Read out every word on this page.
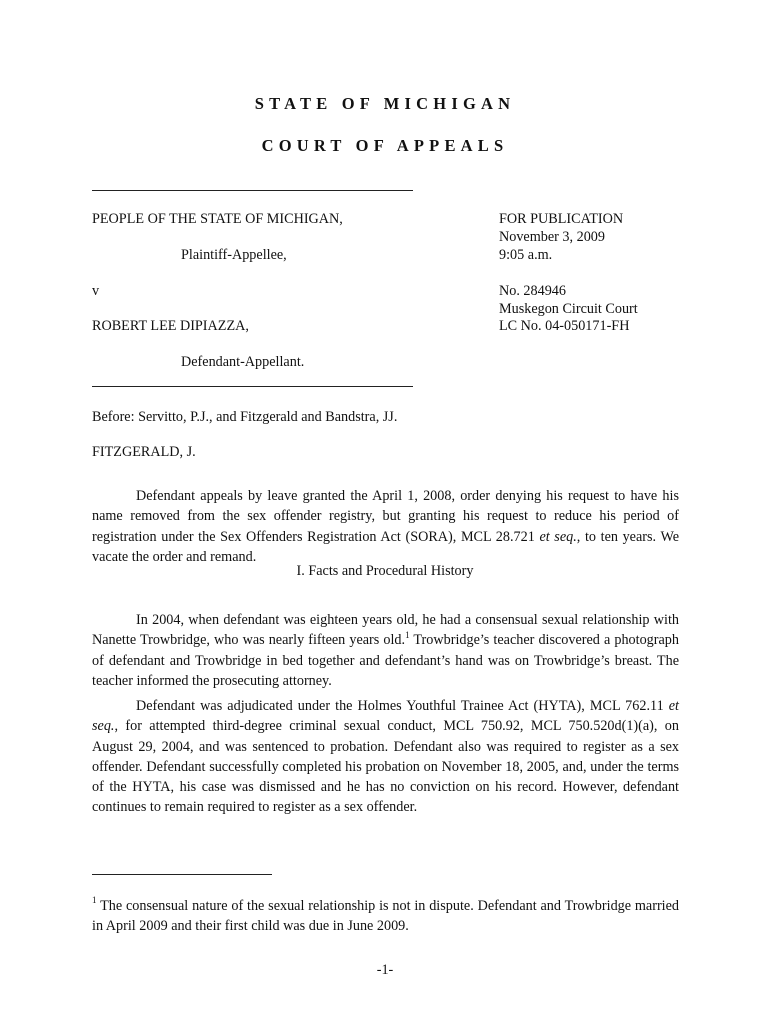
STATE OF MICHIGAN
COURT OF APPEALS
PEOPLE OF THE STATE OF MICHIGAN,
Plaintiff-Appellee,
v
ROBERT LEE DIPIAZZA,
Defendant-Appellant.
FOR PUBLICATION
November 3, 2009
9:05 a.m.
No. 284946
Muskegon Circuit Court
LC No. 04-050171-FH
Before: Servitto, P.J., and Fitzgerald and Bandstra, JJ.
FITZGERALD, J.

Defendant appeals by leave granted the April 1, 2008, order denying his request to have his name removed from the sex offender registry, but granting his request to reduce his period of registration under the Sex Offenders Registration Act (SORA), MCL 28.721 et seq., to ten years. We vacate the order and remand.

I. Facts and Procedural History

In 2004, when defendant was eighteen years old, he had a consensual sexual relationship with Nanette Trowbridge, who was nearly fifteen years old.$^1$ Trowbridge’s teacher discovered a photograph of defendant and Trowbridge in bed together and defendant’s hand was on Trowbridge’s breast. The teacher informed the prosecuting attorney.

Defendant was adjudicated under the Holmes Youthful Trainee Act (HYTA), MCL 762.11 et seq., for attempted third-degree criminal sexual conduct, MCL 750.92, MCL 750.520d(1)(a), on August 29, 2004, and was sentenced to probation. Defendant also was required to register as a sex offender. Defendant successfully completed his probation on November 18, 2005, and, under the terms of the HYTA, his case was dismissed and he has no conviction on his record. However, defendant continues to remain required to register as a sex offender.

$^1$ The consensual nature of the sexual relationship is not in dispute. Defendant and Trowbridge married in April 2009 and their first child was due in June 2009.

-1-
